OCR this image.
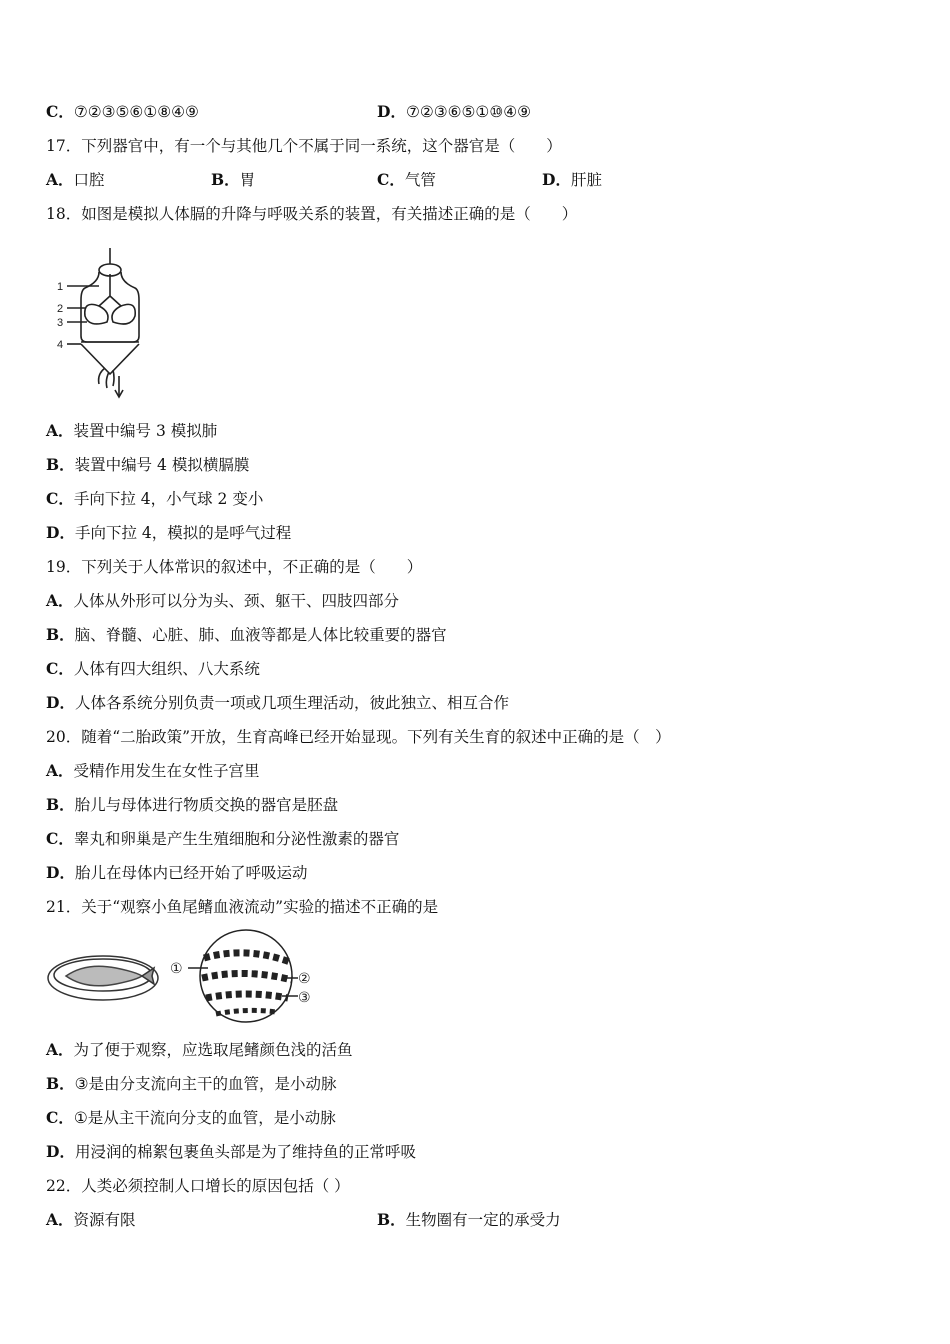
C．⑦②③⑤⑥①⑧④⑨	D．⑦②③⑥⑤①⑩④⑨
17．下列器官中，有一个与其他几个不属于同一系统，这个器官是（　　）
A．口腔	B．胃	C．气管	D．肝脏
18．如图是模拟人体膈的升降与呼吸关系的装置，有关描述正确的是（　　）
1
2
3
4
A．装置中编号 3 模拟肺
B．装置中编号 4 模拟横膈膜
C．手向下拉 4，小气球 2 变小
D．手向下拉 4，模拟的是呼气过程
19．下列关于人体常识的叙述中，不正确的是（　　）
A．人体从外形可以分为头、颈、躯干、四肢四部分
B．脑、脊髓、心脏、肺、血液等都是人体比较重要的器官
C．人体有四大组织、八大系统
D．人体各系统分别负责一项或几项生理活动，彼此独立、相互合作
20．随着“二胎政策”开放，生育高峰已经开始显现。下列有关生育的叙述中正确的是（　）
A．受精作用发生在女性子宫里
B．胎儿与母体进行物质交换的器官是胚盘
C．睾丸和卵巢是产生生殖细胞和分泌性激素的器官
D．胎儿在母体内已经开始了呼吸运动
21．关于“观察小鱼尾鳍血液流动”实验的描述不正确的是
①
②
③
A．为了便于观察，应选取尾鳍颜色浅的活鱼
B．③是由分支流向主干的血管，是小动脉
C．①是从主干流向分支的血管，是小动脉
D．用浸润的棉絮包裹鱼头部是为了维持鱼的正常呼吸
22．人类必须控制人口增长的原因包括（ ）
A．资源有限	B．生物圈有一定的承受力
